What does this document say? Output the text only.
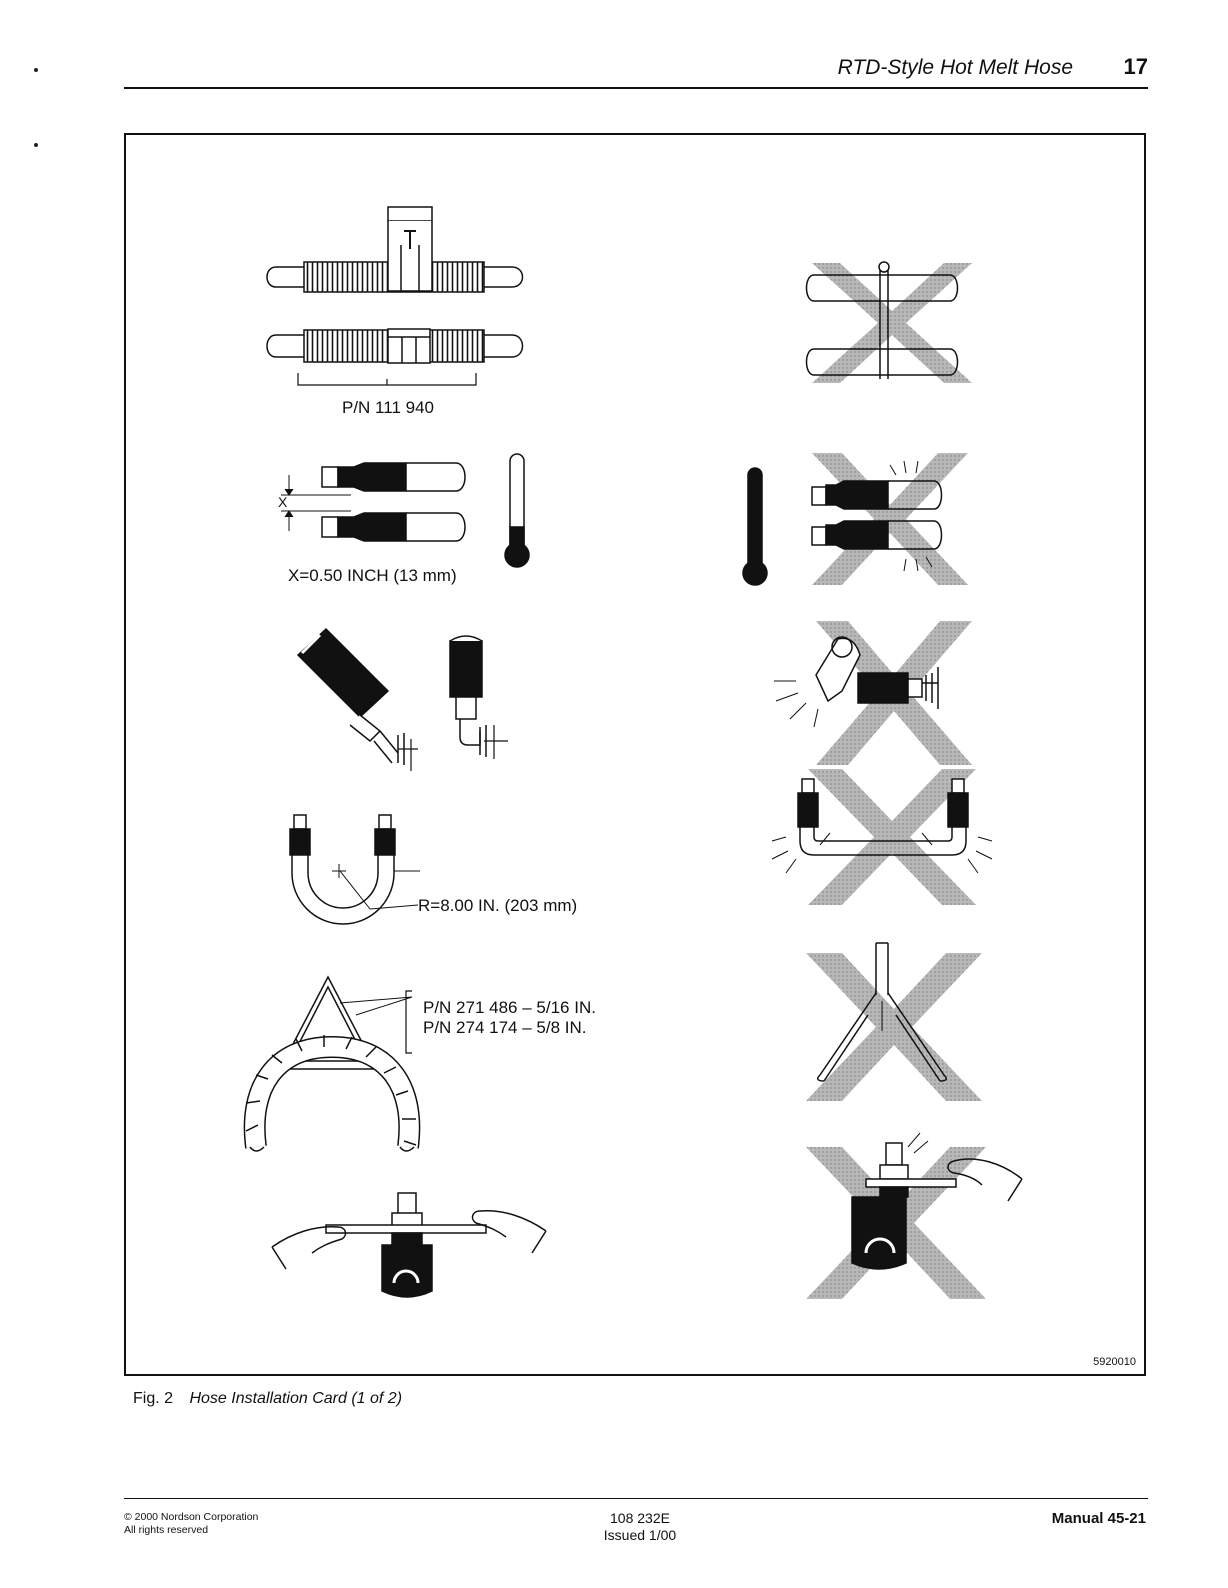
RTD-Style Hot Melt Hose 17
P/N 111 940
X
X=0.50 INCH (13 mm)
R=8.00 IN. (203 mm)
P/N 271 486 – 5/16 IN.
P/N 274 174 – 5/8 IN.
5920010
Fig. 2 Hose Installation Card (1 of 2)
© 2000 Nordson Corporation
All rights reserved
108 232E
Issued 1/00
Manual 45-21
